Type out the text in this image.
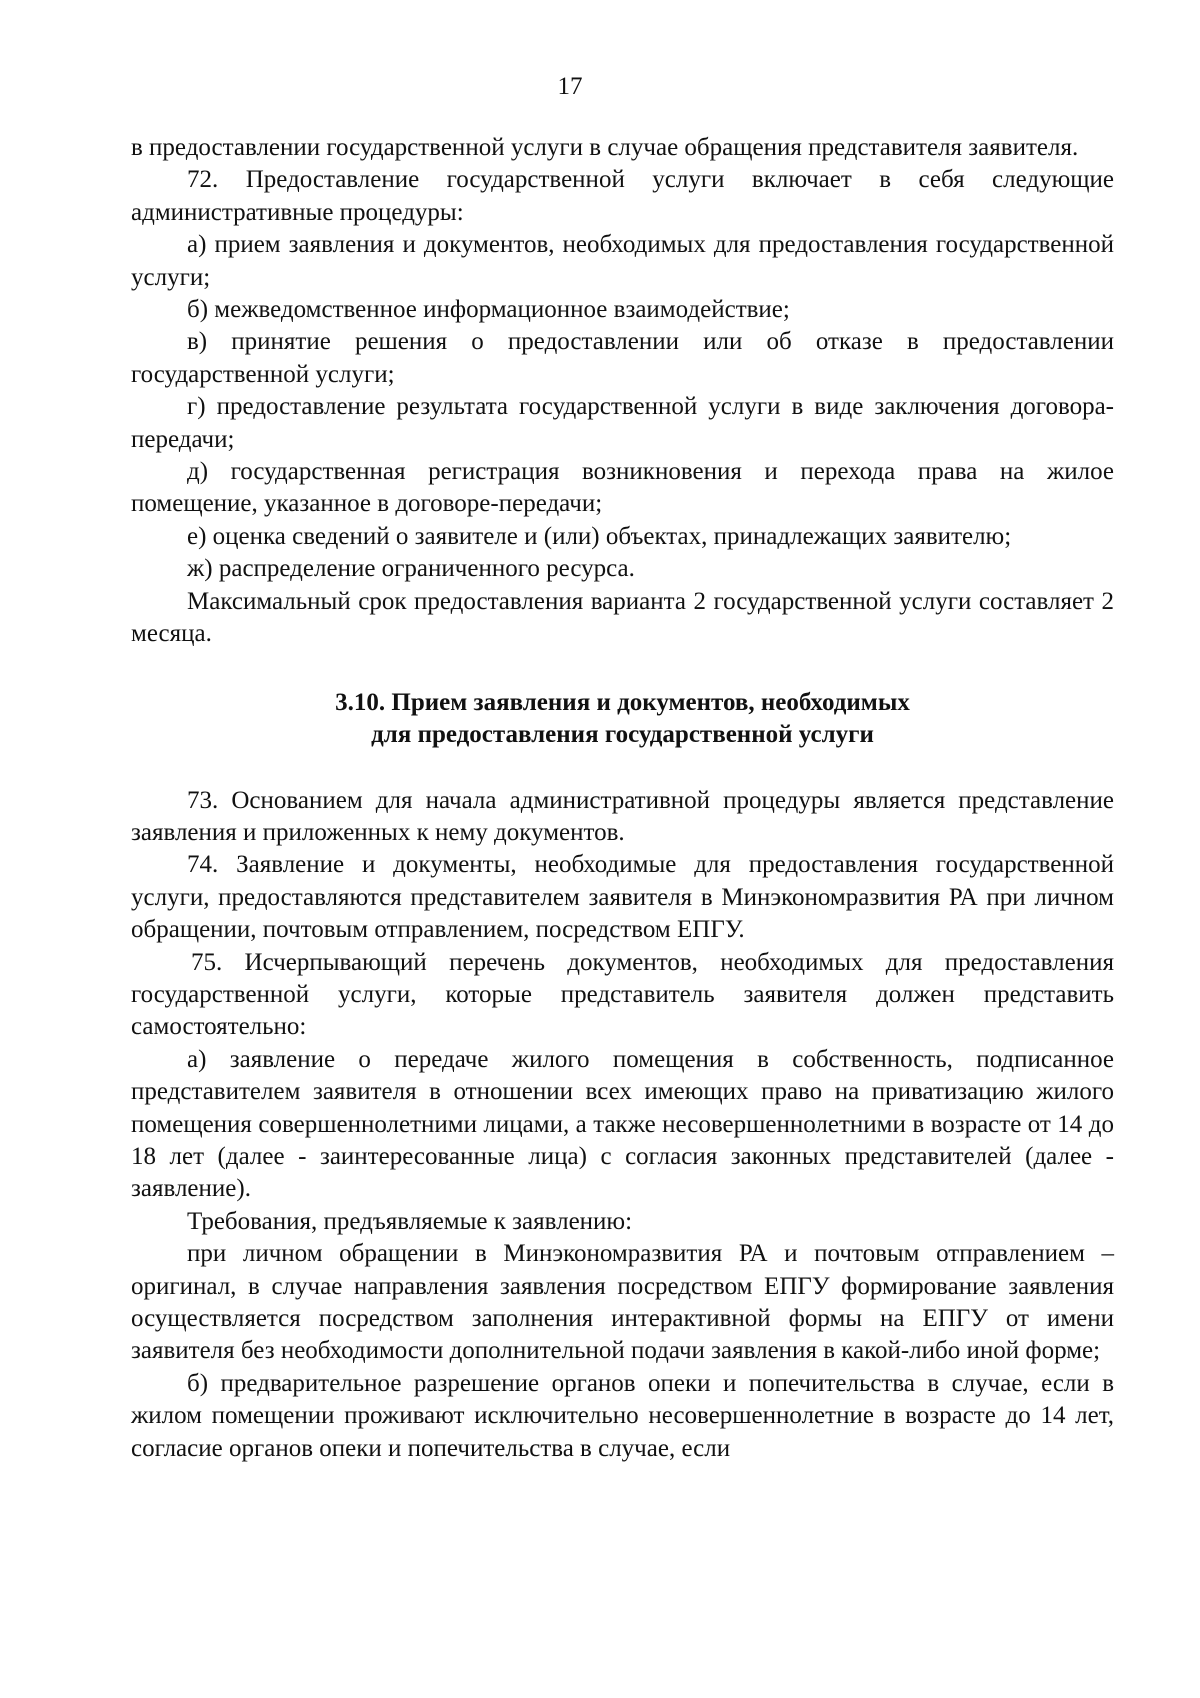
17

в предоставлении государственной услуги в случае обращения представителя заявителя.

72. Предоставление государственной услуги включает в себя следующие административные процедуры:

а) прием заявления и документов, необходимых для предоставления государственной услуги;

б) межведомственное информационное взаимодействие;

в) принятие решения о предоставлении или об отказе в предоставлении государственной услуги;

г) предоставление результата государственной услуги в виде заключения договора-передачи;

д) государственная регистрация возникновения и перехода права на жилое помещение, указанное в договоре-передачи;

е) оценка сведений о заявителе и (или) объектах, принадлежащих заявителю;

ж) распределение ограниченного ресурса.

Максимальный срок предоставления варианта 2 государственной услуги составляет 2 месяца.

3.10. Прием заявления и документов, необходимых
для предоставления государственной услуги

73. Основанием для начала административной процедуры является представление заявления и приложенных к нему документов.

74. Заявление и документы, необходимые для предоставления государственной услуги, предоставляются представителем заявителя в Минэкономразвития РА при личном обращении, почтовым отправлением, посредством ЕПГУ.

75. Исчерпывающий перечень документов, необходимых для предоставления государственной услуги, которые представитель заявителя должен представить самостоятельно:

а) заявление о передаче жилого помещения в собственность, подписанное представителем заявителя в отношении всех имеющих право на приватизацию жилого помещения совершеннолетними лицами, а также несовершеннолетними в возрасте от 14 до 18 лет (далее - заинтересованные лица) с согласия законных представителей (далее - заявление).

Требования, предъявляемые к заявлению:

при личном обращении в Минэкономразвития РА и почтовым отправлением – оригинал, в случае направления заявления посредством ЕПГУ формирование заявления осуществляется посредством заполнения интерактивной формы на ЕПГУ от имени заявителя без необходимости дополнительной подачи заявления в какой-либо иной форме;

б) предварительное разрешение органов опеки и попечительства в случае, если в жилом помещении проживают исключительно несовершеннолетние в возрасте до 14 лет, согласие органов опеки и попечительства в случае, если
